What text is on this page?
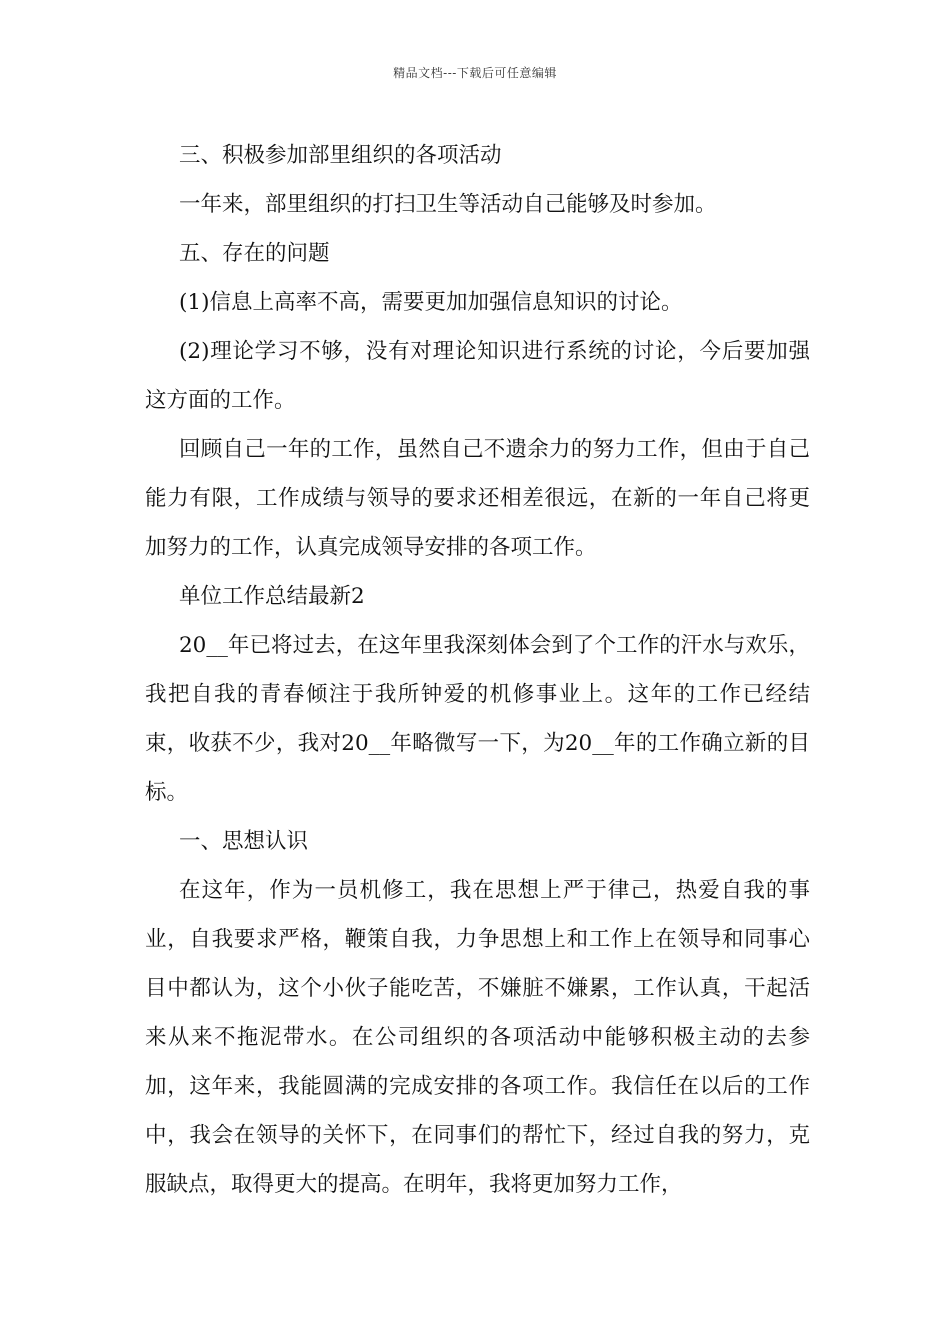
精品文档---下载后可任意编辑

三、积极参加部里组织的各项活动

一年来，部里组织的打扫卫生等活动自己能够及时参加。

五、存在的问题

(1)信息上高率不高，需要更加加强信息知识的讨论。

(2)理论学习不够，没有对理论知识进行系统的讨论，今后要加强这方面的工作。

回顾自己一年的工作，虽然自己不遗余力的努力工作，但由于自己能力有限，工作成绩与领导的要求还相差很远，在新的一年自己将更加努力的工作，认真完成领导安排的各项工作。

单位工作总结最新2

20__年已将过去，在这年里我深刻体会到了个工作的汗水与欢乐，我把自我的青春倾注于我所钟爱的机修事业上。这年的工作已经结束，收获不少，我对20__年略微写一下，为20__年的工作确立新的目标。

一、思想认识

在这年，作为一员机修工，我在思想上严于律己，热爱自我的事业，自我要求严格，鞭策自我，力争思想上和工作上在领导和同事心目中都认为，这个小伙子能吃苦，不嫌脏不嫌累，工作认真，干起活来从来不拖泥带水。在公司组织的各项活动中能够积极主动的去参加，这年来，我能圆满的完成安排的各项工作。我信任在以后的工作中，我会在领导的关怀下，在同事们的帮忙下，经过自我的努力，克服缺点，取得更大的提高。在明年，我将更加努力工作，
